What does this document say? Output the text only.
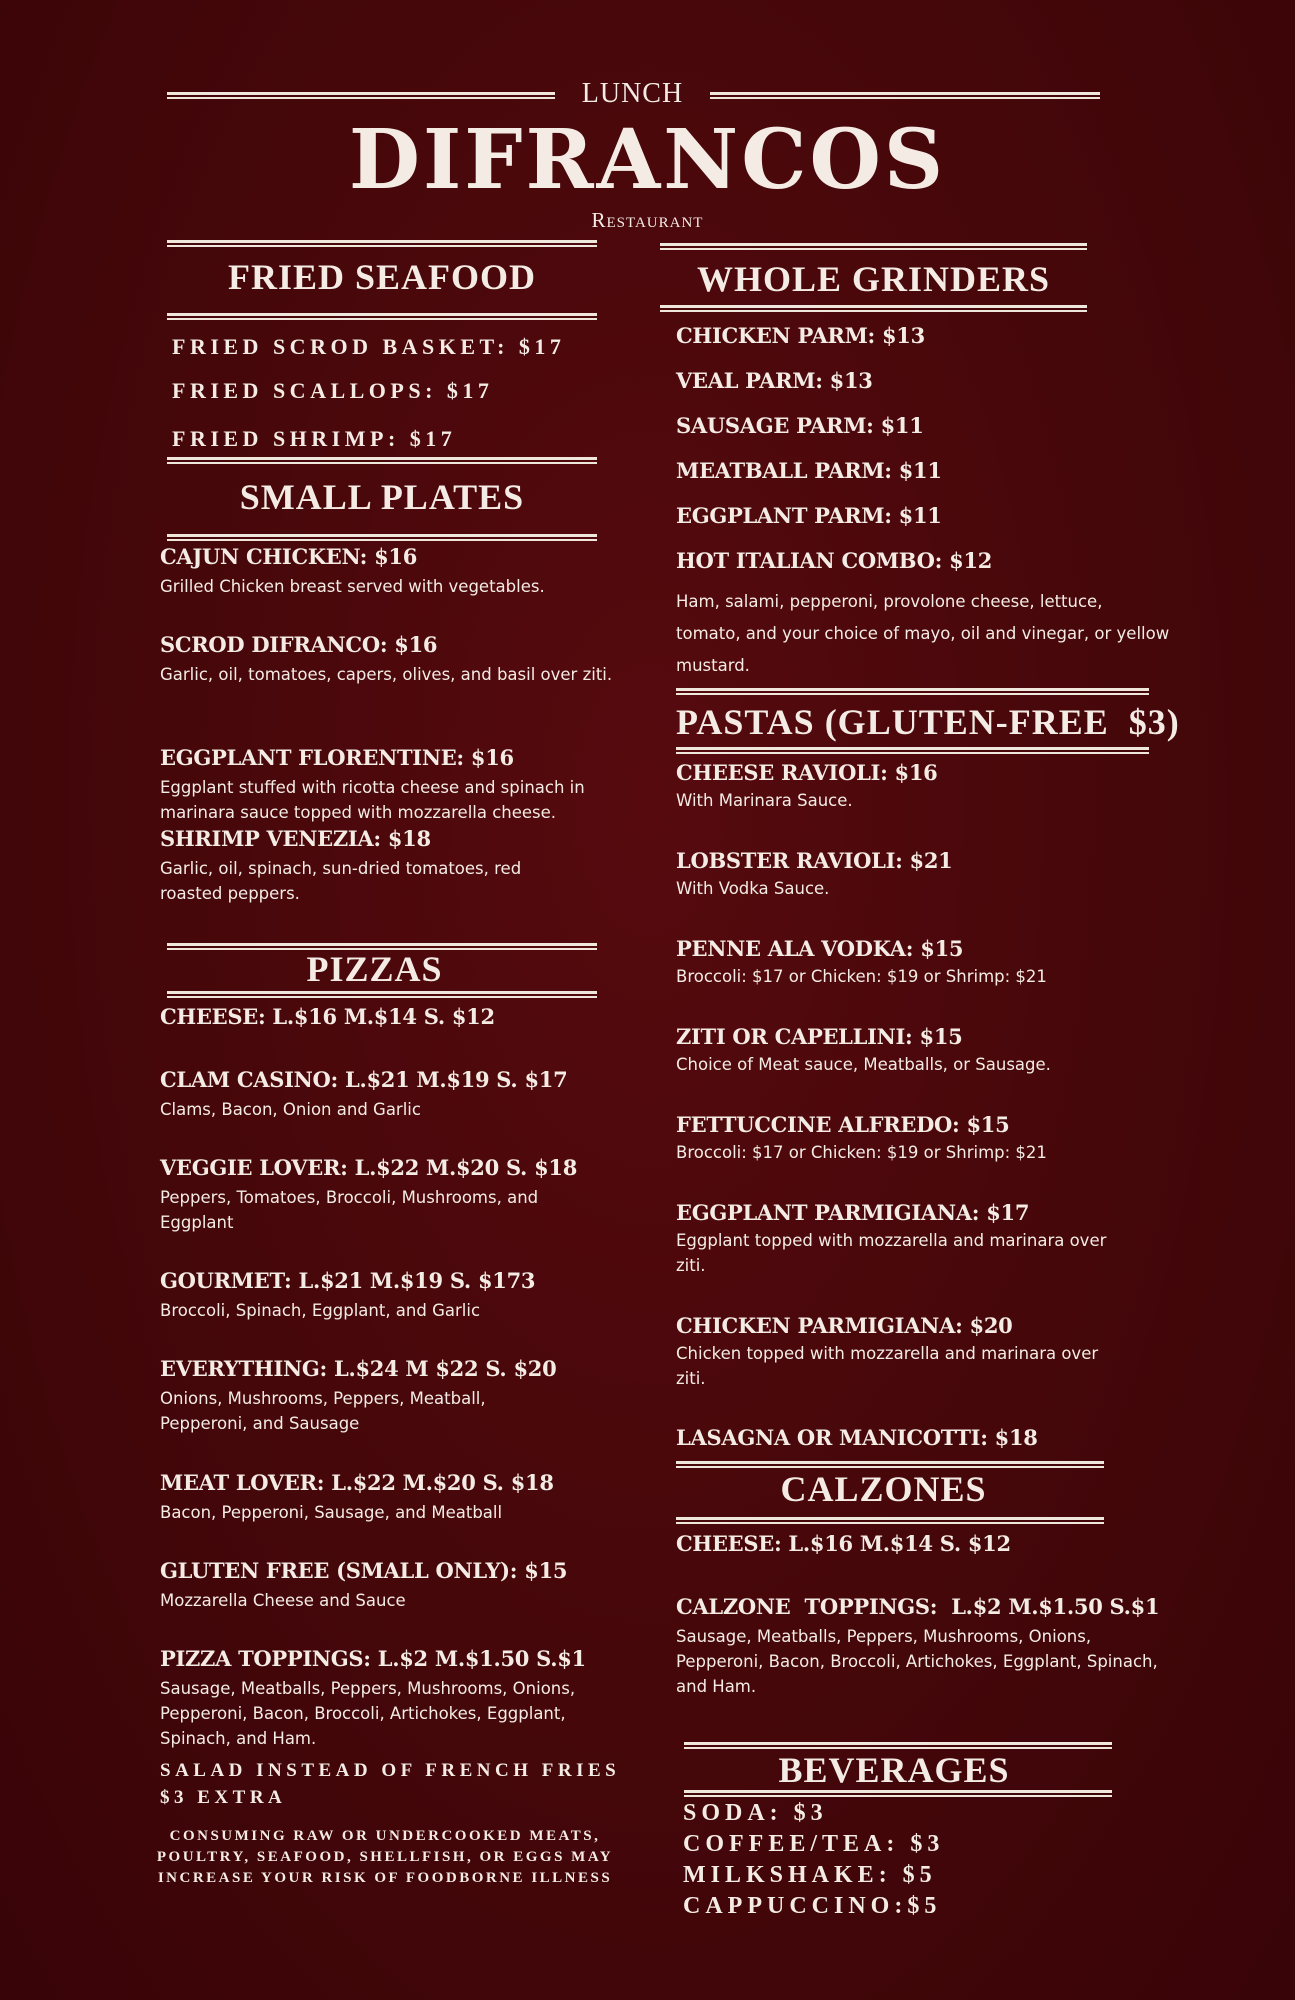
LUNCH
DIFRANCOS
Restaurant
FRIED SEAFOOD
FRIED SCROD BASKET: $17
FRIED SCALLOPS: $17
FRIED SHRIMP: $17
SMALL PLATES
CAJUN CHICKEN: $16
Grilled Chicken breast served with vegetables.
SCROD DIFRANCO: $16
Garlic, oil, tomatoes, capers, olives, and basil over ziti.
EGGPLANT FLORENTINE: $16
Eggplant stuffed with ricotta cheese and spinach in marinara sauce topped with mozzarella cheese.
SHRIMP VENEZIA: $18
Garlic, oil, spinach, sun-dried tomatoes, red roasted peppers.
PIZZAS
CHEESE: L.$16 M.$14 S. $12
CLAM CASINO: L.$21 M.$19 S. $17
Clams, Bacon, Onion and Garlic
VEGGIE LOVER: L.$22 M.$20 S. $18
Peppers, Tomatoes, Broccoli, Mushrooms, and Eggplant
GOURMET: L.$21 M.$19 S. $173
Broccoli, Spinach, Eggplant, and Garlic
EVERYTHING: L.$24 M $22 S. $20
Onions, Mushrooms, Peppers, Meatball, Pepperoni, and Sausage
MEAT LOVER: L.$22 M.$20 S. $18
Bacon, Pepperoni, Sausage, and Meatball
GLUTEN FREE (SMALL ONLY): $15
Mozzarella Cheese and Sauce
PIZZA TOPPINGS: L.$2 M.$1.50 S.$1
Sausage, Meatballs, Peppers, Mushrooms, Onions, Pepperoni, Bacon, Broccoli, Artichokes, Eggplant, Spinach, and Ham.
SALAD INSTEAD OF FRENCH FRIES $3 EXTRA
CONSUMING RAW OR UNDERCOOKED MEATS, POULTRY, SEAFOOD, SHELLFISH, OR EGGS MAY INCREASE YOUR RISK OF FOODBORNE ILLNESS
WHOLE GRINDERS
CHICKEN PARM: $13
VEAL PARM: $13
SAUSAGE PARM: $11
MEATBALL PARM: $11
EGGPLANT PARM: $11
HOT ITALIAN COMBO: $12
Ham, salami, pepperoni, provolone cheese, lettuce, tomato, and your choice of mayo, oil and vinegar, or yellow mustard.
PASTAS (GLUTEN-FREE  $3)
CHEESE RAVIOLI: $16
With Marinara Sauce.
LOBSTER RAVIOLI: $21
With Vodka Sauce.
PENNE ALA VODKA: $15
Broccoli: $17 or Chicken: $19 or Shrimp: $21
ZITI OR CAPELLINI: $15
Choice of Meat sauce, Meatballs, or Sausage.
FETTUCCINE ALFREDO: $15
Broccoli: $17 or Chicken: $19 or Shrimp: $21
EGGPLANT PARMIGIANA: $17
Eggplant topped with mozzarella and marinara over ziti.
CHICKEN PARMIGIANA: $20
Chicken topped with mozzarella and marinara over ziti.
LASAGNA OR MANICOTTI: $18
CALZONES
CHEESE: L.$16 M.$14 S. $12
CALZONE  TOPPINGS:  L.$2 M.$1.50 S.$1
Sausage, Meatballs, Peppers, Mushrooms, Onions, Pepperoni, Bacon, Broccoli, Artichokes, Eggplant, Spinach, and Ham.
BEVERAGES
SODA: $3
COFFEE/TEA: $3
MILKSHAKE: $5
CAPPUCCINO:$5
